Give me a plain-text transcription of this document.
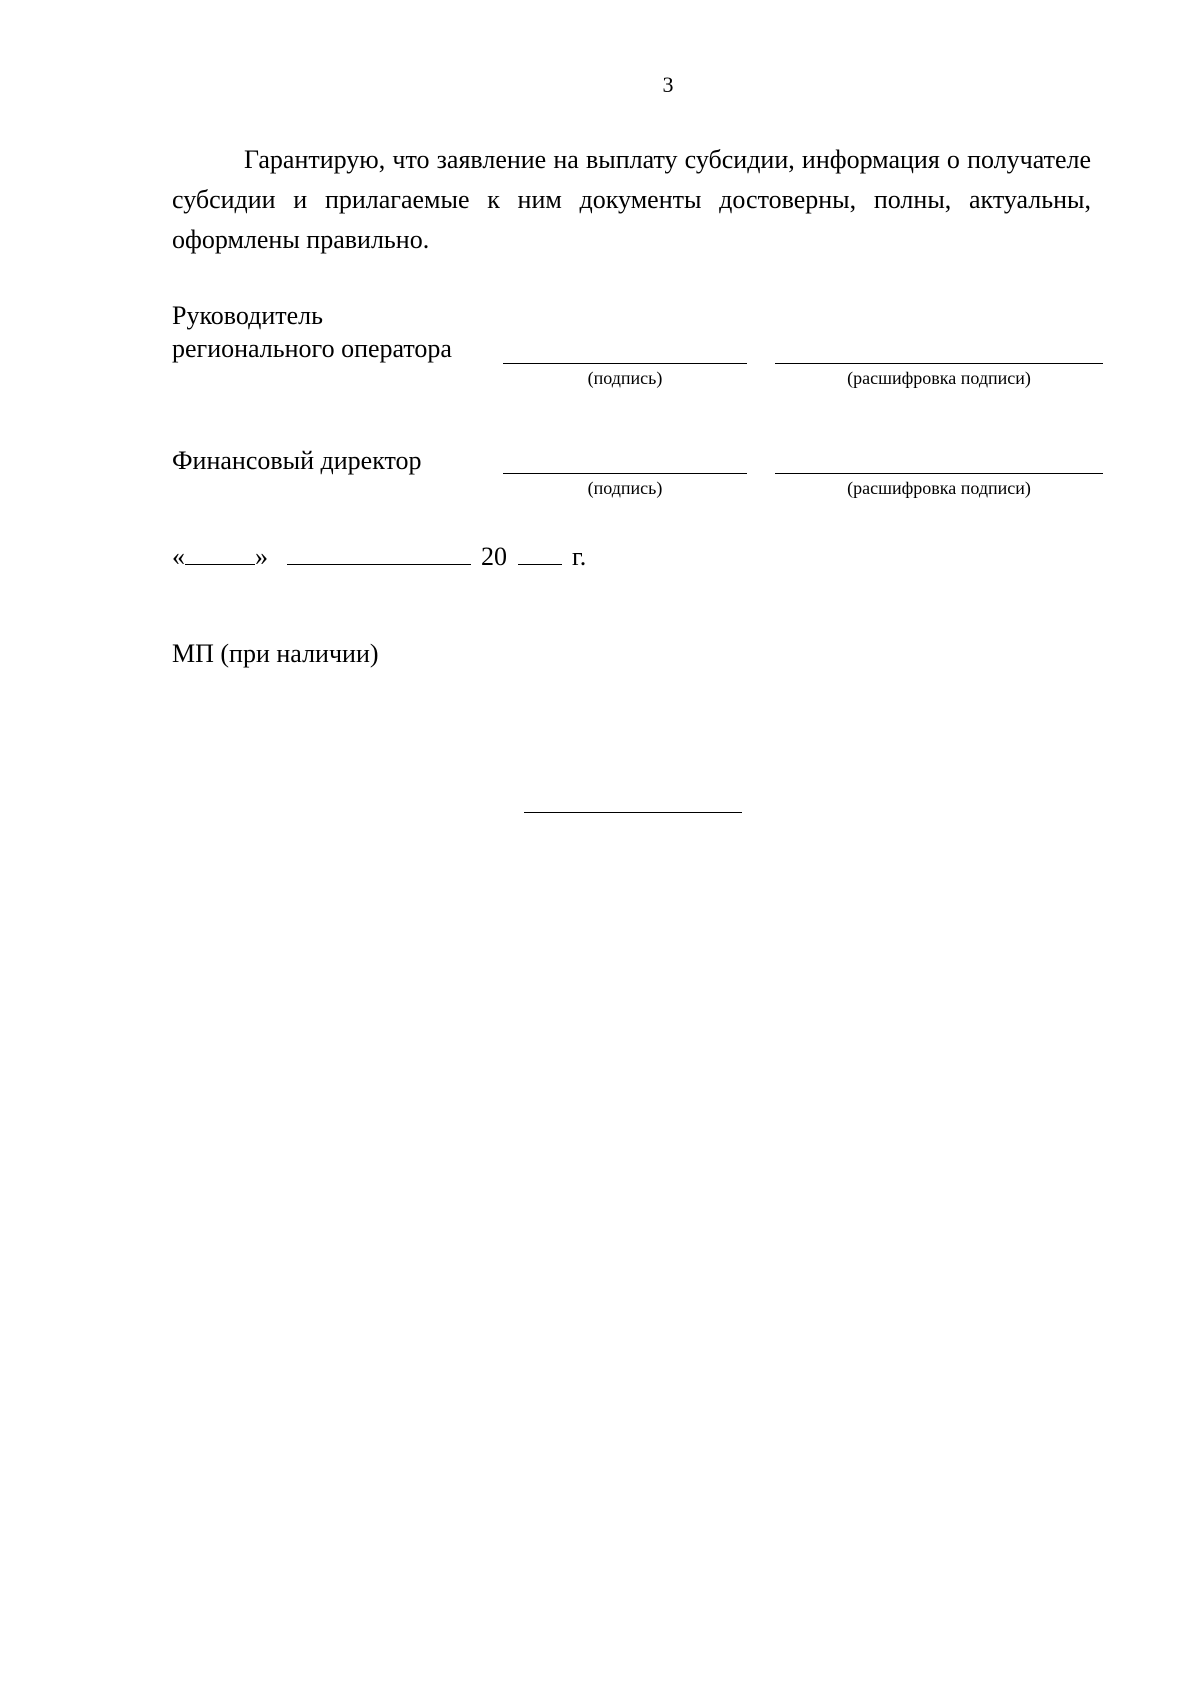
3

Гарантирую, что заявление на выплату субсидии, информация о получателе субсидии и прилагаемые к ним документы достоверны, полны, актуальны, оформлены правильно.

Руководитель
регионального оператора
(подпись)	(расшифровка подписи)
Финансовый директор
(подпись)	(расшифровка подписи)
«	»	20	г.
МП (при наличии)
